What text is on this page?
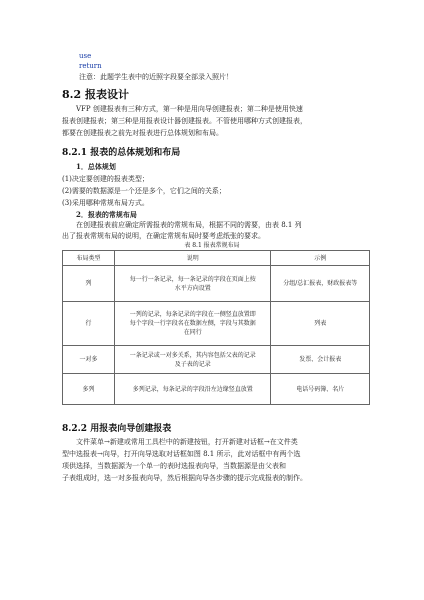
use
return
注意：此题学生表中的近照字段要全部录入照片！
8.2 报表设计
VFP 创建报表有三种方式，第一种是用向导创建报表；第二种是使用快速
报表创建报表；第三种是用报表设计器创建报表。不管使用哪种方式创建报表，
都要在创建报表之前先对报表进行总体规划和布局。
8.2.1 报表的总体规划和布局
1．总体规划
(1)决定要创建的报表类型；
(2)需要的数据源是一个还是多个，它们之间的关系；
(3)采用哪种常规布局方式。
2．报表的常规布局
在创建报表前应确定所需报表的常规布局，根据不同的需要，由表 8.1 列
出了报表常规布局的说明，在确定常规布局时要考虑纸张的要求。
表 8.1 报表常规布局
布局类型	说明	示例
列	每一行一条记录，每一条记录的字段在页面上按水平方向设置	分组/总汇报表，财政报表等
行	一列的记录，每条记录的字段在一侧竖直放置即每个字段一行字段名在数据左侧，字段与其数据在同行	列表
一对多	一条记录或一对多关系，其内容包括父表的记录及子表的记录	发票、会计报表
多列	多列记录，每条记录的字段沿左边缘竖直放置	电话号码簿、名片
8.2.2 用报表向导创建报表
文件菜单→新建或常用工具栏中的新建按钮，打开新建对话框→在文件类
型中选报表→向导，打开向导选取对话框如图 8.1 所示，此对话框中有两个选
项供选择，当数据源为一个单一的表时选报表向导，当数据源是由父表和
子表组成时，选一对多报表向导，然后根据向导各步骤的提示完成报表的制作。
